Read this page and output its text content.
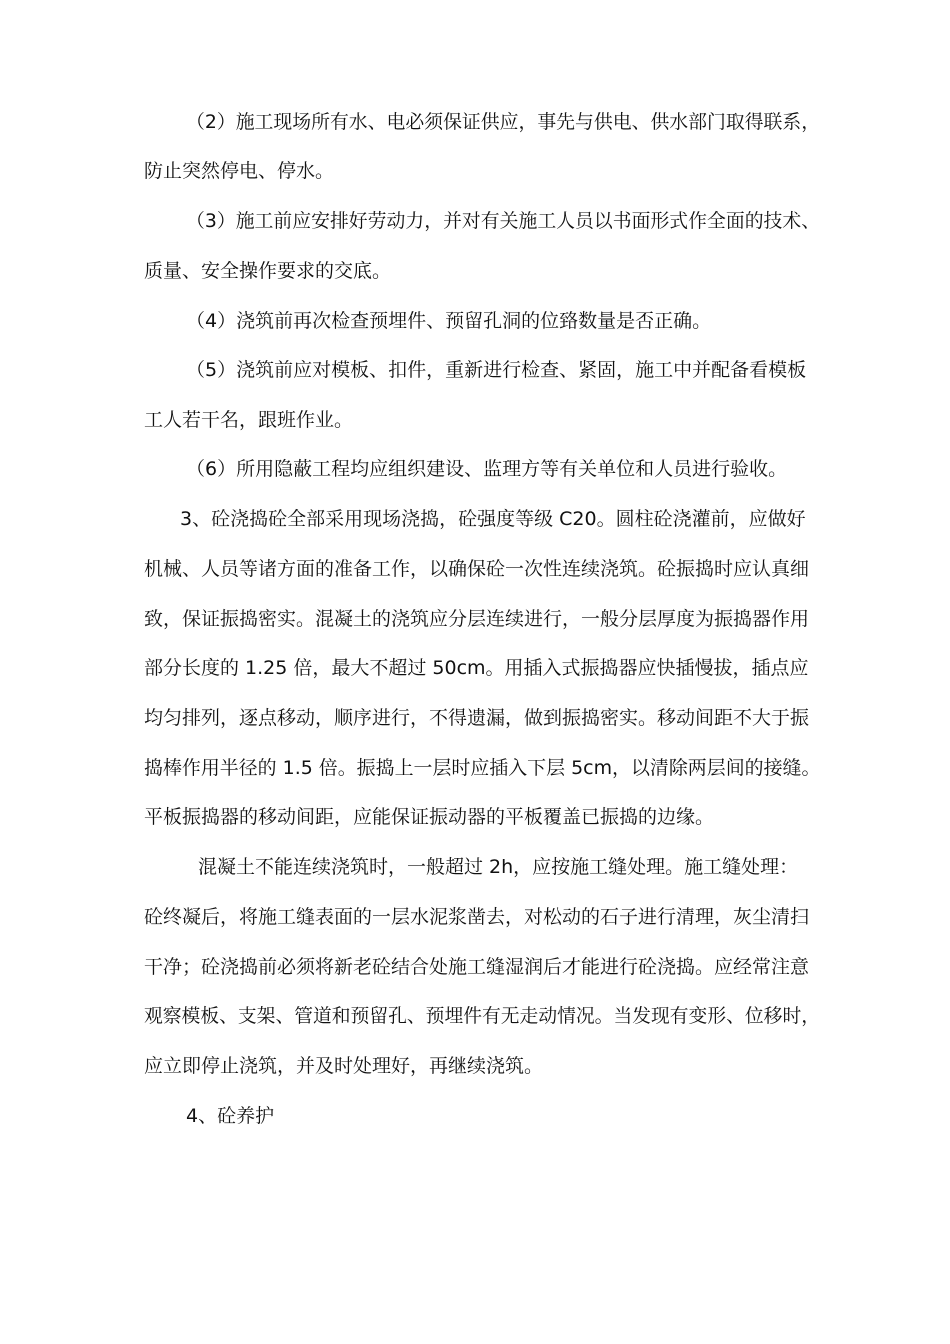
（2）施工现场所有水、电必须保证供应，事先与供电、供水部门取得联系，
防止突然停电、停水。
（3）施工前应安排好劳动力，并对有关施工人员以书面形式作全面的技术、
质量、安全操作要求的交底。
（4）浇筑前再次检查预埋件、预留孔洞的位臵数量是否正确。
（5）浇筑前应对模板、扣件，重新进行检查、紧固，施工中并配备看模板
工人若干名，跟班作业。
（6）所用隐蔽工程均应组织建设、监理方等有关单位和人员进行验收。
3、砼浇捣砼全部采用现场浇捣，砼强度等级 C20。圆柱砼浇灌前，应做好
机械、人员等诸方面的准备工作，以确保砼一次性连续浇筑。砼振捣时应认真细
致，保证振捣密实。混凝土的浇筑应分层连续进行，一般分层厚度为振捣器作用
部分长度的 1.25 倍，最大不超过 50cm。用插入式振捣器应快插慢拔，插点应
均匀排列，逐点移动，顺序进行，不得遗漏，做到振捣密实。移动间距不大于振
捣棒作用半径的 1.5 倍。振捣上一层时应插入下层 5cm，以清除两层间的接缝。
平板振捣器的移动间距，应能保证振动器的平板覆盖已振捣的边缘。
混凝土不能连续浇筑时，一般超过 2h，应按施工缝处理。施工缝处理：
砼终凝后，将施工缝表面的一层水泥浆凿去，对松动的石子进行清理，灰尘清扫
干净；砼浇捣前必须将新老砼结合处施工缝湿润后才能进行砼浇捣。应经常注意
观察模板、支架、管道和预留孔、预埋件有无走动情况。当发现有变形、位移时，
应立即停止浇筑，并及时处理好，再继续浇筑。
4、砼养护
